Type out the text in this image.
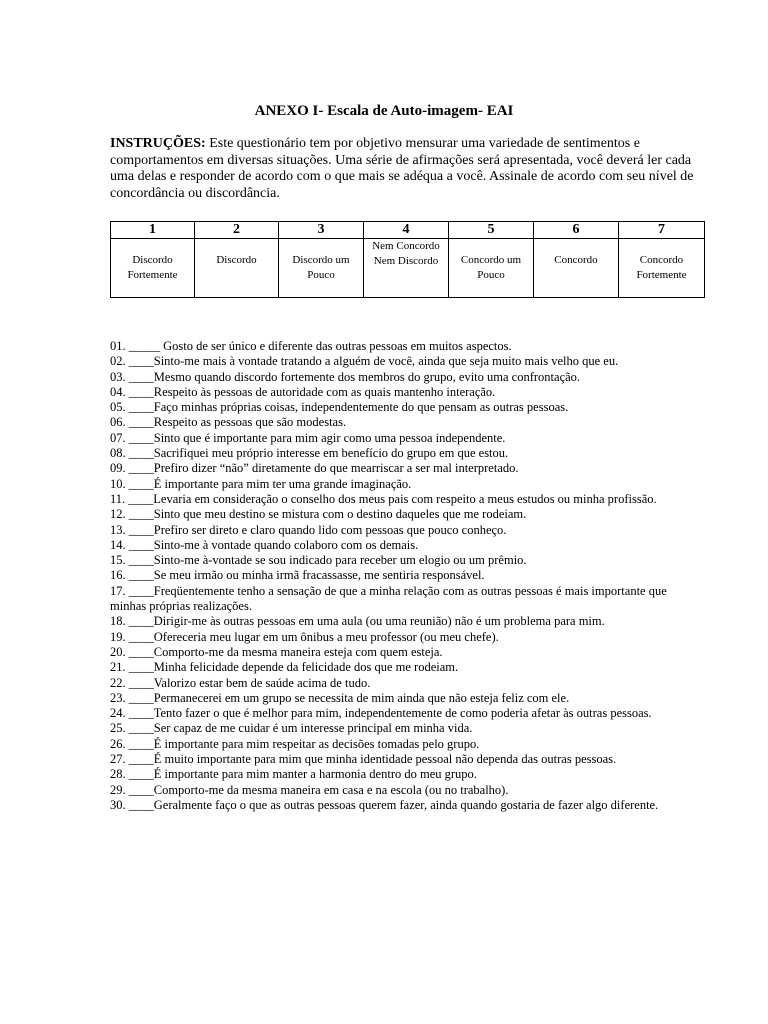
ANEXO I- Escala de Auto-imagem- EAI
INSTRUÇÕES: Este questionário tem por objetivo mensurar uma variedade de sentimentos e comportamentos em diversas situações. Uma série de afirmações será apresentada, você deverá ler cada uma delas e responder de acordo com o que mais se adéqua a você. Assinale de acordo com seu nível de concordância ou discordância.
1	2	3	4	5	6	7
Discordo Fortemente	Discordo	Discordo um Pouco	Nem Concordo Nem Discordo	Concordo um Pouco	Concordo	Concordo Fortemente

01. _____ Gosto de ser único e diferente das outras pessoas em muitos aspectos.

02. ____Sinto-me mais à vontade tratando a alguém de você, ainda que seja muito mais velho que eu.

03. ____Mesmo quando discordo fortemente dos membros do grupo, evito uma confrontação.

04. ____Respeito às pessoas de autoridade com as quais mantenho interação.

05. ____Faço minhas próprias coisas, independentemente do que pensam as outras pessoas.

06. ____Respeito as pessoas que são modestas.

07. ____Sinto que é importante para mim agir como uma pessoa independente.

08. ____Sacrifiquei meu próprio interesse em benefício do grupo em que estou.

09. ____Prefiro dizer “não” diretamente do que mearriscar a ser mal interpretado.

10. ____É importante para mim ter uma grande imaginação.

11. ____Levaria em consideração o conselho dos meus pais com respeito a meus estudos ou minha profissão.

12. ____Sinto que meu destino se mistura com o destino daqueles que me rodeiam.

13. ____Prefiro ser direto e claro quando lido com pessoas que pouco conheço.

14. ____Sinto-me à vontade quando colaboro com os demais.

15. ____Sinto-me à-vontade se sou indicado para receber um elogio ou um prêmio.

16. ____Se meu irmão ou minha irmã fracassasse, me sentiria responsável.

17. ____Freqüentemente tenho a sensação de que a minha relação com as outras pessoas é mais importante que minhas próprias realizações.

18. ____Dirigir-me às outras pessoas em uma aula (ou uma reunião) não é um problema para mim.

19. ____Ofereceria meu lugar em um ônibus a meu professor (ou meu chefe).

20. ____Comporto-me da mesma maneira esteja com quem esteja.

21. ____Minha felicidade depende da felicidade dos que me rodeiam.

22. ____Valorizo estar bem de saúde acima de tudo.

23. ____Permanecerei em um grupo se necessita de mim ainda que não esteja feliz com ele.

24. ____Tento fazer o que é melhor para mim, independentemente de como poderia afetar às outras pessoas.

25. ____Ser capaz de me cuidar é um interesse principal em minha vida.

26. ____É importante para mim respeitar as decisões tomadas pelo grupo.

27. ____É muito importante para mim que minha identidade pessoal não dependa das outras pessoas.

28. ____É importante para mim manter a harmonia dentro do meu grupo.

29. ____Comporto-me da mesma maneira em casa e na escola (ou no trabalho).

30. ____Geralmente faço o que as outras pessoas querem fazer, ainda quando gostaria de fazer algo diferente.
